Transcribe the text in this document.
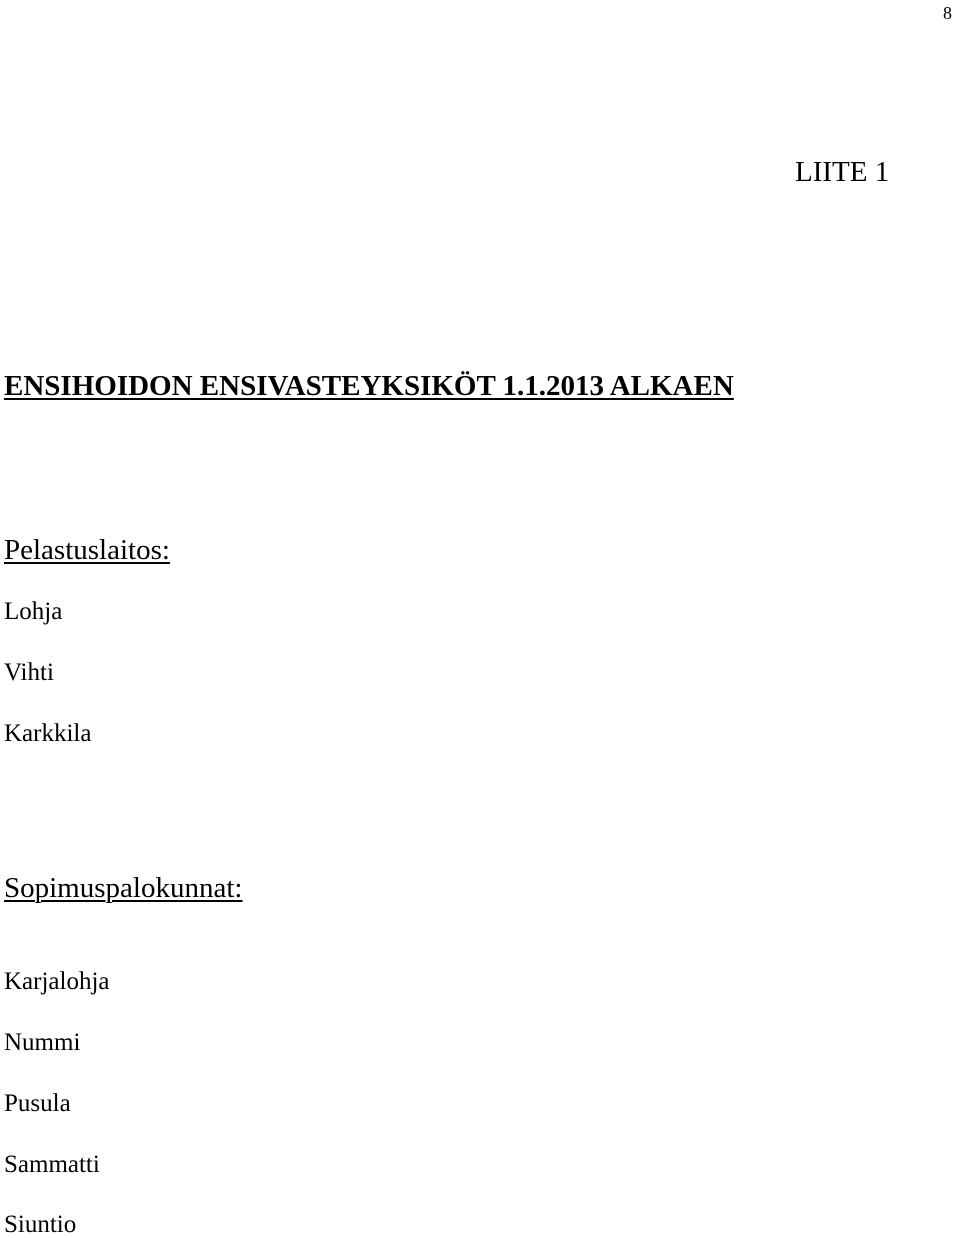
8
LIITE 1
ENSIHOIDON ENSIVASTEYKSIKÖT 1.1.2013 ALKAEN
Pelastuslaitos:
Lohja
Vihti
Karkkila
Sopimuspalokunnat:
Karjalohja
Nummi
Pusula
Sammatti
Siuntio
